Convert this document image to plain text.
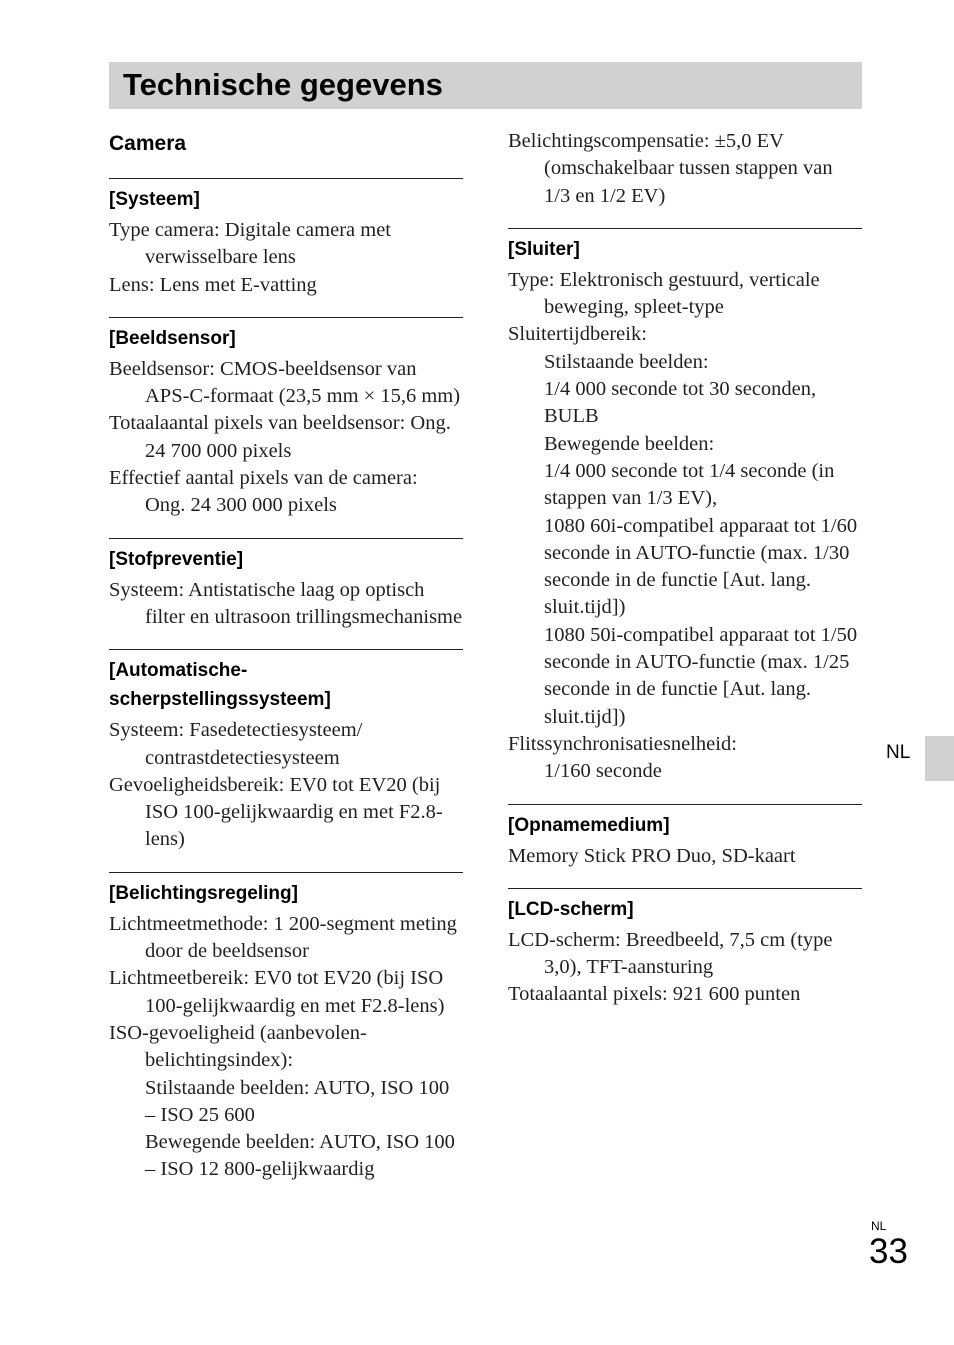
Technische gegevens
Camera
[Systeem]
Type camera: Digitale camera met verwisselbare lens
Lens: Lens met E-vatting
[Beeldsensor]
Beeldsensor: CMOS-beeldsensor van APS-C-formaat (23,5 mm × 15,6 mm)
Totaalaantal pixels van beeldsensor: Ong. 24 700 000 pixels
Effectief aantal pixels van de camera: Ong. 24 300 000 pixels
[Stofpreventie]
Systeem: Antistatische laag op optisch filter en ultrasoon trillingsmechanisme
[Automatische-scherpstellingssysteem]
Systeem: Fasedetectiesysteem/ contrastdetectiesysteem
Gevoeligheidsbereik: EV0 tot EV20 (bij ISO 100-gelijkwaardig en met F2.8-lens)
[Belichtingsregeling]
Lichtmeetmethode: 1 200-segment meting door de beeldsensor
Lichtmeetbereik: EV0 tot EV20 (bij ISO 100-gelijkwaardig en met F2.8-lens)
ISO-gevoeligheid (aanbevolen-belichtingsindex):
Stilstaande beelden: AUTO, ISO 100 – ISO 25 600
Bewegende beelden: AUTO, ISO 100 – ISO 12 800-gelijkwaardig
Belichtingscompensatie: ±5,0 EV (omschakelbaar tussen stappen van 1/3 en 1/2 EV)
[Sluiter]
Type: Elektronisch gestuurd, verticale beweging, spleet-type
Sluitertijdbereik:
Stilstaande beelden:
1/4 000 seconde tot 30 seconden, BULB
Bewegende beelden:
1/4 000 seconde tot 1/4 seconde (in stappen van 1/3 EV),
1080 60i-compatibel apparaat tot 1/60 seconde in AUTO-functie (max. 1/30 seconde in de functie [Aut. lang. sluit.tijd])
1080 50i-compatibel apparaat tot 1/50 seconde in AUTO-functie (max. 1/25 seconde in de functie [Aut. lang. sluit.tijd])
Flitssynchronisatiesnelheid:
1/160 seconde
[Opnamemedium]
Memory Stick PRO Duo, SD-kaart
[LCD-scherm]
LCD-scherm: Breedbeeld, 7,5 cm (type 3,0), TFT-aansturing
Totaalaantal pixels: 921 600 punten
NL
NL
33
